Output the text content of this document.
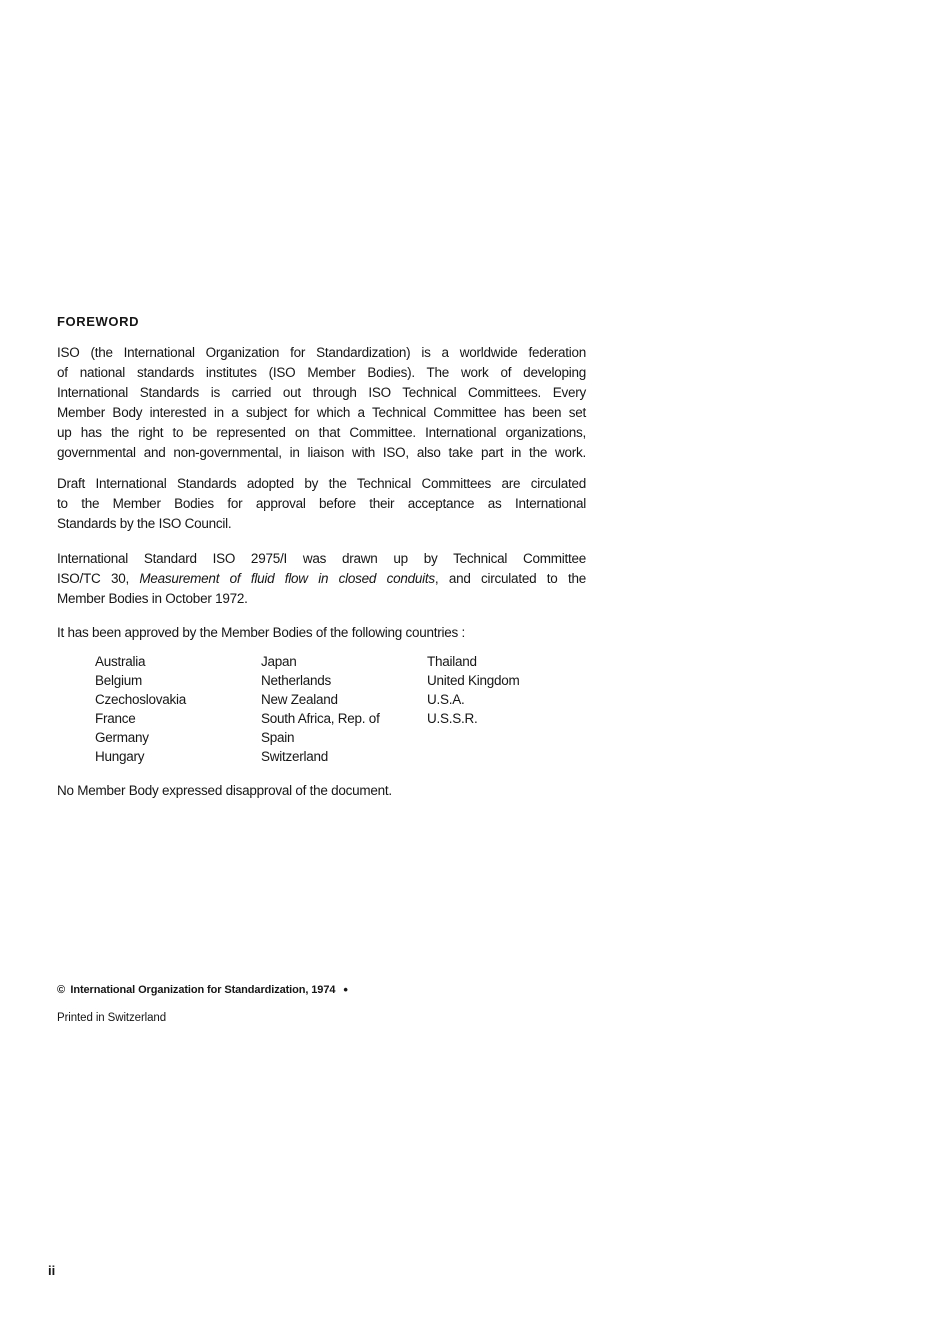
FOREWORD
ISO (the International Organization for Standardization) is a worldwide federation
of national standards institutes (ISO Member Bodies). The work of developing
International Standards is carried out through ISO Technical Committees. Every
Member Body interested in a subject for which a Technical Committee has been set
up has the right to be represented on that Committee. International organizations,
governmental and non-governmental, in liaison with ISO, also take part in the work.
Draft International Standards adopted by the Technical Committees are circulated
to the Member Bodies for approval before their acceptance as International
Standards by the ISO Council.
International Standard ISO 2975/I was drawn up by Technical Committee
ISO/TC 30, Measurement of fluid flow in closed conduits, and circulated to the
Member Bodies in October 1972.
It has been approved by the Member Bodies of the following countries :
Australia
Belgium
Czechoslovakia
France
Germany
Hungary
Japan
Netherlands
New Zealand
South Africa, Rep. of
Spain
Switzerland
Thailand
United Kingdom
U.S.A.
U.S.S.R.
No Member Body expressed disapproval of the document.
© International Organization for Standardization, 1974 •
Printed in Switzerland
ii
